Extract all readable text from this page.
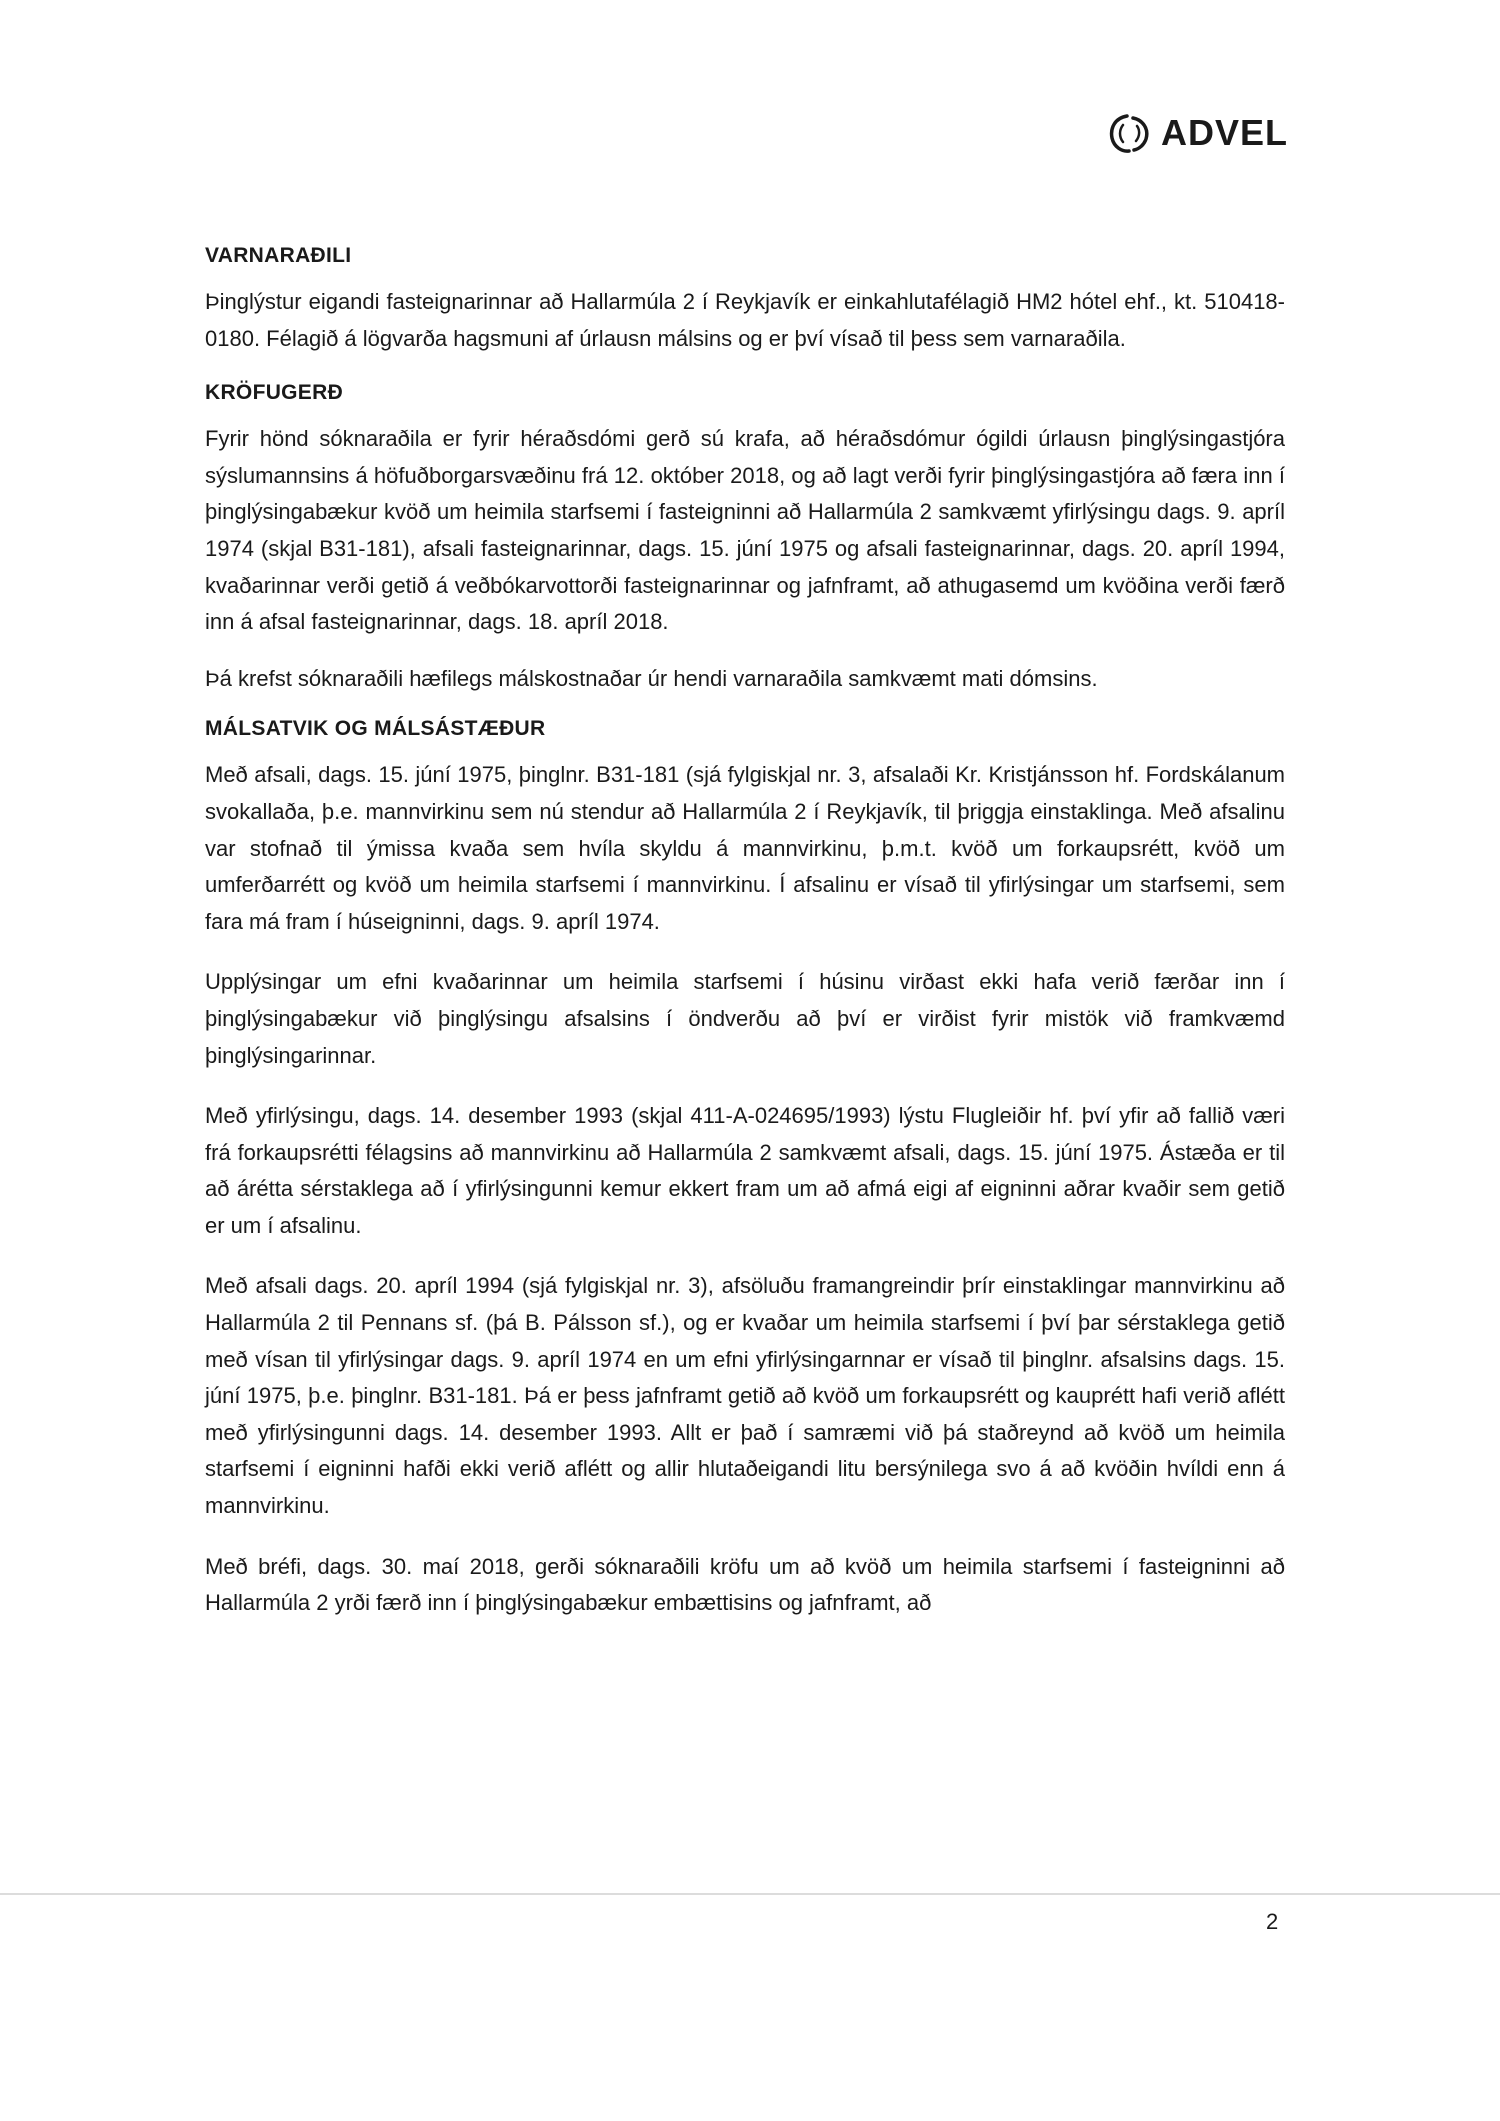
ADVEL
VARNARAÐILI

Þinglýstur eigandi fasteignarinnar að Hallarmúla 2 í Reykjavík er einkahlutafélagið HM2 hótel ehf., kt. 510418-0180. Félagið á lögvarða hagsmuni af úrlausn málsins og er því vísað til þess sem varnaraðila.

KRÖFUGERÐ

Fyrir hönd sóknaraðila er fyrir héraðsdómi gerð sú krafa, að héraðsdómur ógildi úrlausn þinglýsingastjóra sýslumannsins á höfuðborgarsvæðinu frá 12. október 2018, og að lagt verði fyrir þinglýsingastjóra að færa inn í þinglýsingabækur kvöð um heimila starfsemi í fasteigninni að Hallarmúla 2 samkvæmt yfirlýsingu dags. 9. apríl 1974 (skjal B31-181), afsali fasteignarinnar, dags. 15. júní 1975 og afsali fasteignarinnar, dags. 20. apríl 1994, kvaðarinnar verði getið á veðbókarvottorði fasteignarinnar og jafnframt, að athugasemd um kvöðina verði færð inn á afsal fasteignarinnar, dags. 18. apríl 2018.

Þá krefst sóknaraðili hæfilegs málskostnaðar úr hendi varnaraðila samkvæmt mati dómsins.

MÁLSATVIK OG MÁLSÁSTÆÐUR

Með afsali, dags. 15. júní 1975, þinglnr. B31-181 (sjá fylgiskjal nr. 3, afsalaði Kr. Kristjánsson hf. Fordskálanum svokallaða, þ.e. mannvirkinu sem nú stendur að Hallarmúla 2 í Reykjavík, til þriggja einstaklinga. Með afsalinu var stofnað til ýmissa kvaða sem hvíla skyldu á mannvirkinu, þ.m.t. kvöð um forkaupsrétt, kvöð um umferðarrétt og kvöð um heimila starfsemi í mannvirkinu. Í afsalinu er vísað til yfirlýsingar um starfsemi, sem fara má fram í húseigninni, dags. 9. apríl 1974.

Upplýsingar um efni kvaðarinnar um heimila starfsemi í húsinu virðast ekki hafa verið færðar inn í þinglýsingabækur við þinglýsingu afsalsins í öndverðu að því er virðist fyrir mistök við framkvæmd þinglýsingarinnar.

Með yfirlýsingu, dags. 14. desember 1993 (skjal 411-A-024695/1993) lýstu Flugleiðir hf. því yfir að fallið væri frá forkaupsrétti félagsins að mannvirkinu að Hallarmúla 2 samkvæmt afsali, dags. 15. júní 1975. Ástæða er til að árétta sérstaklega að í yfirlýsingunni kemur ekkert fram um að afmá eigi af eigninni aðrar kvaðir sem getið er um í afsalinu.

Með afsali dags. 20. apríl 1994 (sjá fylgiskjal nr. 3), afsöluðu framangreindir þrír einstaklingar mannvirkinu að Hallarmúla 2 til Pennans sf. (þá B. Pálsson sf.), og er kvaðar um heimila starfsemi í því þar sérstaklega getið með vísan til yfirlýsingar dags. 9. apríl 1974 en um efni yfirlýsingarnnar er vísað til þinglnr. afsalsins dags. 15. júní 1975, þ.e. þinglnr. B31-181. Þá er þess jafnframt getið að kvöð um forkaupsrétt og kauprétt hafi verið aflétt með yfirlýsingunni dags. 14. desember 1993. Allt er það í samræmi við þá staðreynd að kvöð um heimila starfsemi í eigninni hafði ekki verið aflétt og allir hlutaðeigandi litu bersýnilega svo á að kvöðin hvíldi enn á mannvirkinu.

Með bréfi, dags. 30. maí 2018, gerði sóknaraðili kröfu um að kvöð um heimila starfsemi í fasteigninni að Hallarmúla 2 yrði færð inn í þinglýsingabækur embættisins og jafnframt, að

2
